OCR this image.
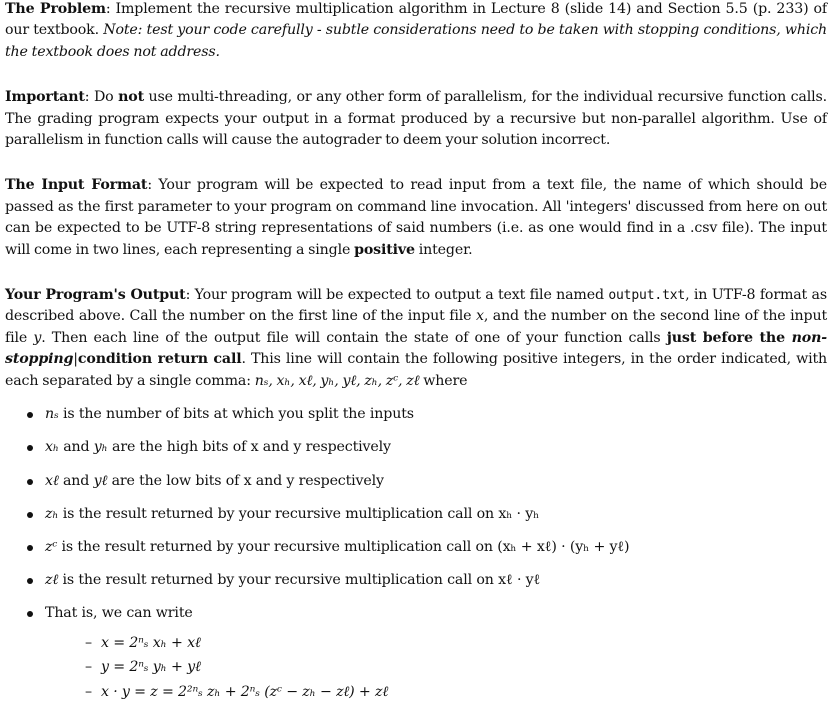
The Problem: Implement the recursive multiplication algorithm in Lecture 8 (slide 14) and Section 5.5 (p. 233) of our textbook. Note: test your code carefully - subtle considerations need to be taken with stopping conditions, which the textbook does not address.

Important: Do not use multi-threading, or any other form of parallelism, for the individual recursive function calls. The grading program expects your output in a format produced by a recursive but non-parallel algorithm. Use of parallelism in function calls will cause the autograder to deem your solution incorrect.

The Input Format: Your program will be expected to read input from a text file, the name of which should be passed as the first parameter to your program on command line invocation. All 'integers' discussed from here on out can be expected to be UTF-8 string representations of said numbers (i.e. as one would find in a .csv file). The input will come in two lines, each representing a single positive integer.

Your Program's Output: Your program will be expected to output a text file named output.txt, in UTF-8 format as described above. Call the number on the first line of the input file x, and the number on the second line of the input file y. Then each line of the output file will contain the state of one of your function calls just before the non-stopping|condition return call. This line will contain the following positive integers, in the order indicated, with each separated by a single comma: nₛ, xₕ, xℓ, yₕ, yℓ, zₕ, zᶜ, zℓ where

nₛ is the number of bits at which you split the inputs
xₕ and yₕ are the high bits of x and y respectively
xℓ and yℓ are the low bits of x and y respectively
zₕ is the result returned by your recursive multiplication call on xₕ · yₕ
zᶜ is the result returned by your recursive multiplication call on (xₕ + xℓ) · (yₕ + yℓ)
zℓ is the result returned by your recursive multiplication call on xℓ · yℓ
That is, we can write
– x = 2ⁿₛ xₕ + xℓ
– y = 2ⁿₛ yₕ + yℓ
– x · y = z = 2²ⁿₛ zₕ + 2ⁿₛ (zᶜ − zₕ − zℓ) + zℓ
